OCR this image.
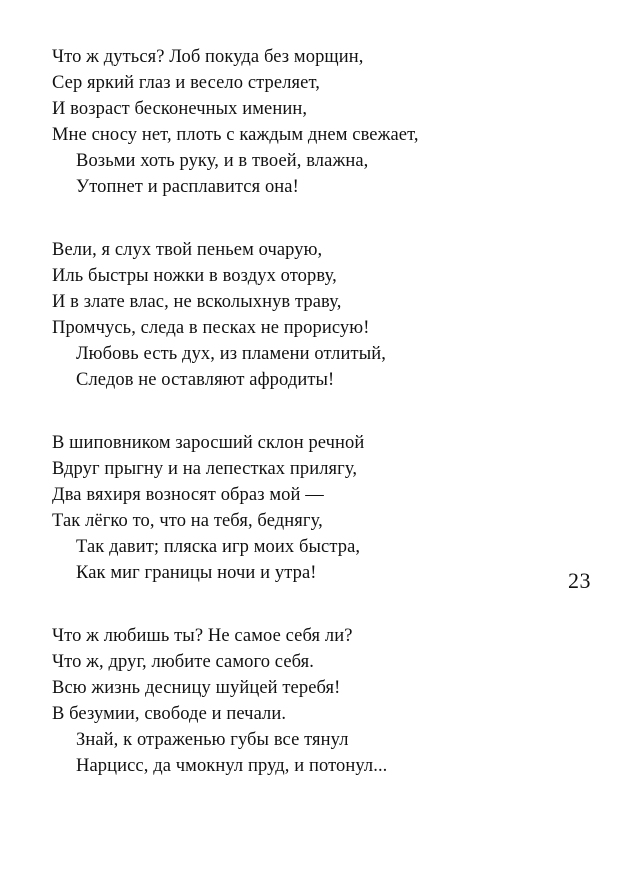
Что ж дуться? Лоб покуда без морщин,
Сер яркий глаз и весело стреляет,
И возраст бесконечных именин,
Мне сносу нет, плоть с каждым днем свежает,
Возьми хоть руку, и в твоей, влажна,
Утопнет и расплавится она!
Вели, я слух твой пеньем очарую,
Иль быстры ножки в воздух оторву,
И в злате влас, не всколыхнув траву,
Промчусь, следа в песках не прорисую!
Любовь есть дух, из пламени отлитый,
Следов не оставляют афродиты!
В шиповником заросший склон речной
Вдруг прыгну и на лепестках прилягу,
Два вяхиря возносят образ мой —
Так лёгко то, что на тебя, беднягу,
Так давит; пляска игр моих быстра,
Как миг границы ночи и утра!	23
Что ж любишь ты? Не самое себя ли?
Что ж, друг, любите самого себя.
Всю жизнь десницу шуйцей теребя!
В безумии, свободе и печали.
Знай, к отраженью губы все тянул
Нарцисс, да чмокнул пруд, и потонул...
